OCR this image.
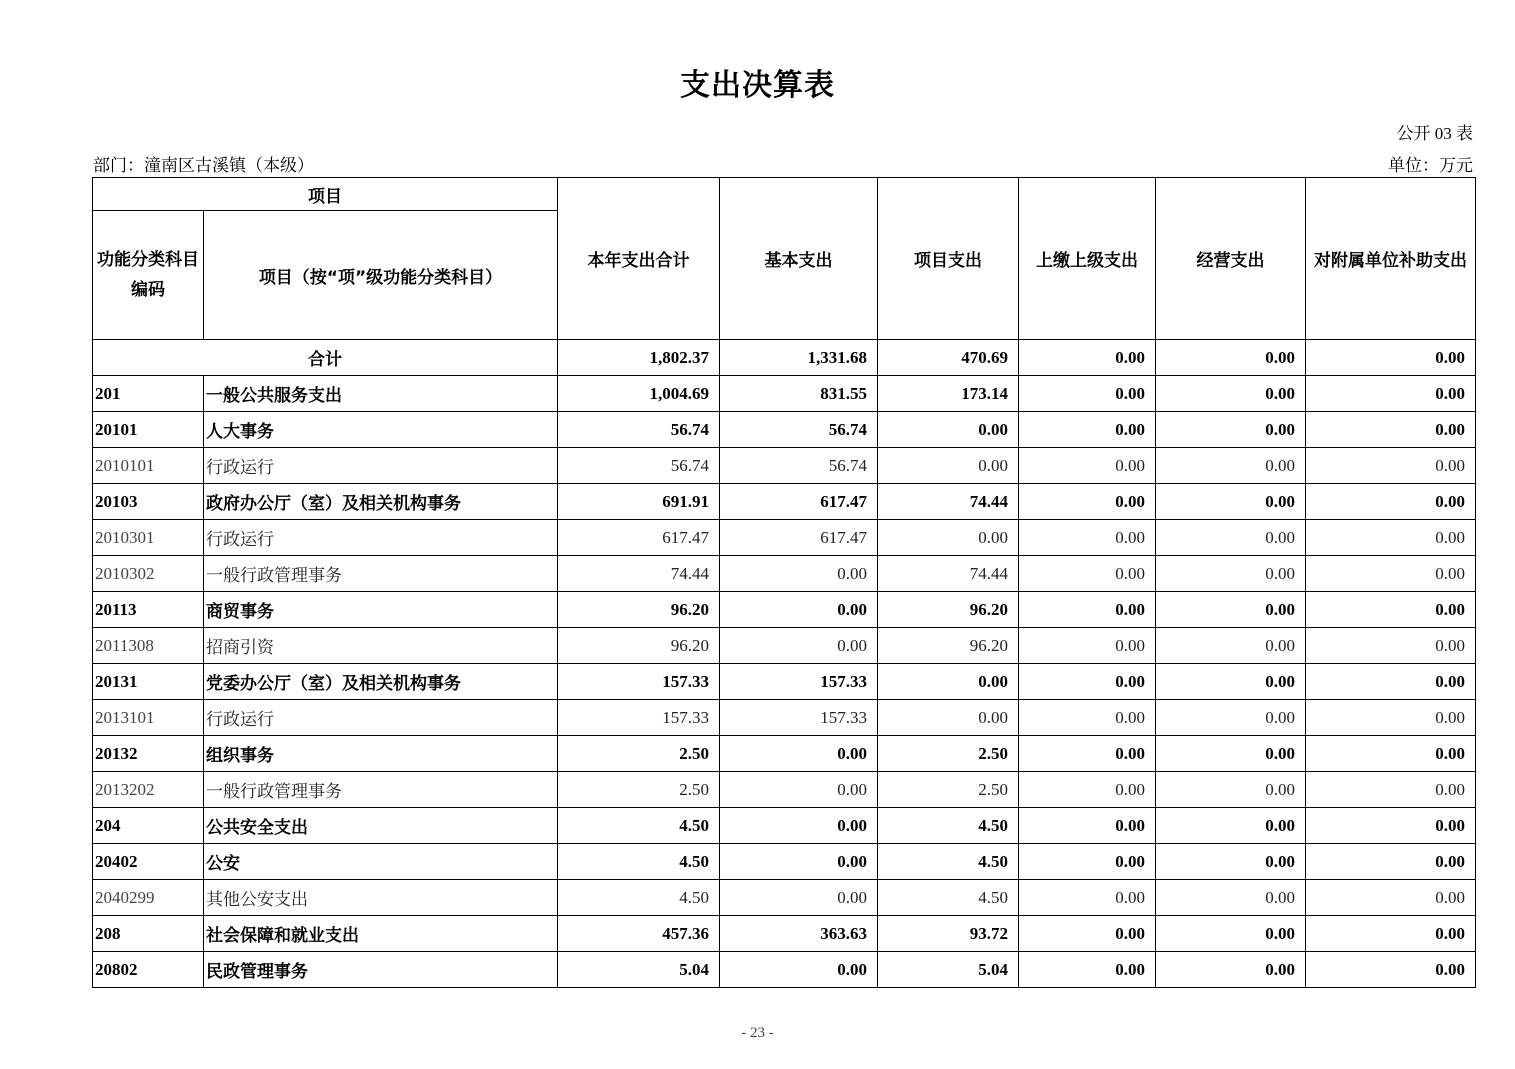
支出决算表
公开 03 表
部门：潼南区古溪镇（本级）	单位：万元
项目		本年支出合计	基本支出	项目支出	上缴上级支出	经营支出	对附属单位补助支出
功能分类科目编码	项目（按“项”级功能分类科目）						
合计		1,802.37	1,331.68	470.69	0.00	0.00	0.00
201	一般公共服务支出	1,004.69	831.55	173.14	0.00	0.00	0.00
20101	人大事务	56.74	56.74	0.00	0.00	0.00	0.00
2010101	行政运行	56.74	56.74	0.00	0.00	0.00	0.00
20103	政府办公厅（室）及相关机构事务	691.91	617.47	74.44	0.00	0.00	0.00
2010301	行政运行	617.47	617.47	0.00	0.00	0.00	0.00
2010302	一般行政管理事务	74.44	0.00	74.44	0.00	0.00	0.00
20113	商贸事务	96.20	0.00	96.20	0.00	0.00	0.00
2011308	招商引资	96.20	0.00	96.20	0.00	0.00	0.00
20131	党委办公厅（室）及相关机构事务	157.33	157.33	0.00	0.00	0.00	0.00
2013101	行政运行	157.33	157.33	0.00	0.00	0.00	0.00
20132	组织事务	2.50	0.00	2.50	0.00	0.00	0.00
2013202	一般行政管理事务	2.50	0.00	2.50	0.00	0.00	0.00
204	公共安全支出	4.50	0.00	4.50	0.00	0.00	0.00
20402	公安	4.50	0.00	4.50	0.00	0.00	0.00
2040299	其他公安支出	4.50	0.00	4.50	0.00	0.00	0.00
208	社会保障和就业支出	457.36	363.63	93.72	0.00	0.00	0.00
20802	民政管理事务	5.04	0.00	5.04	0.00	0.00	0.00
- 23 -
